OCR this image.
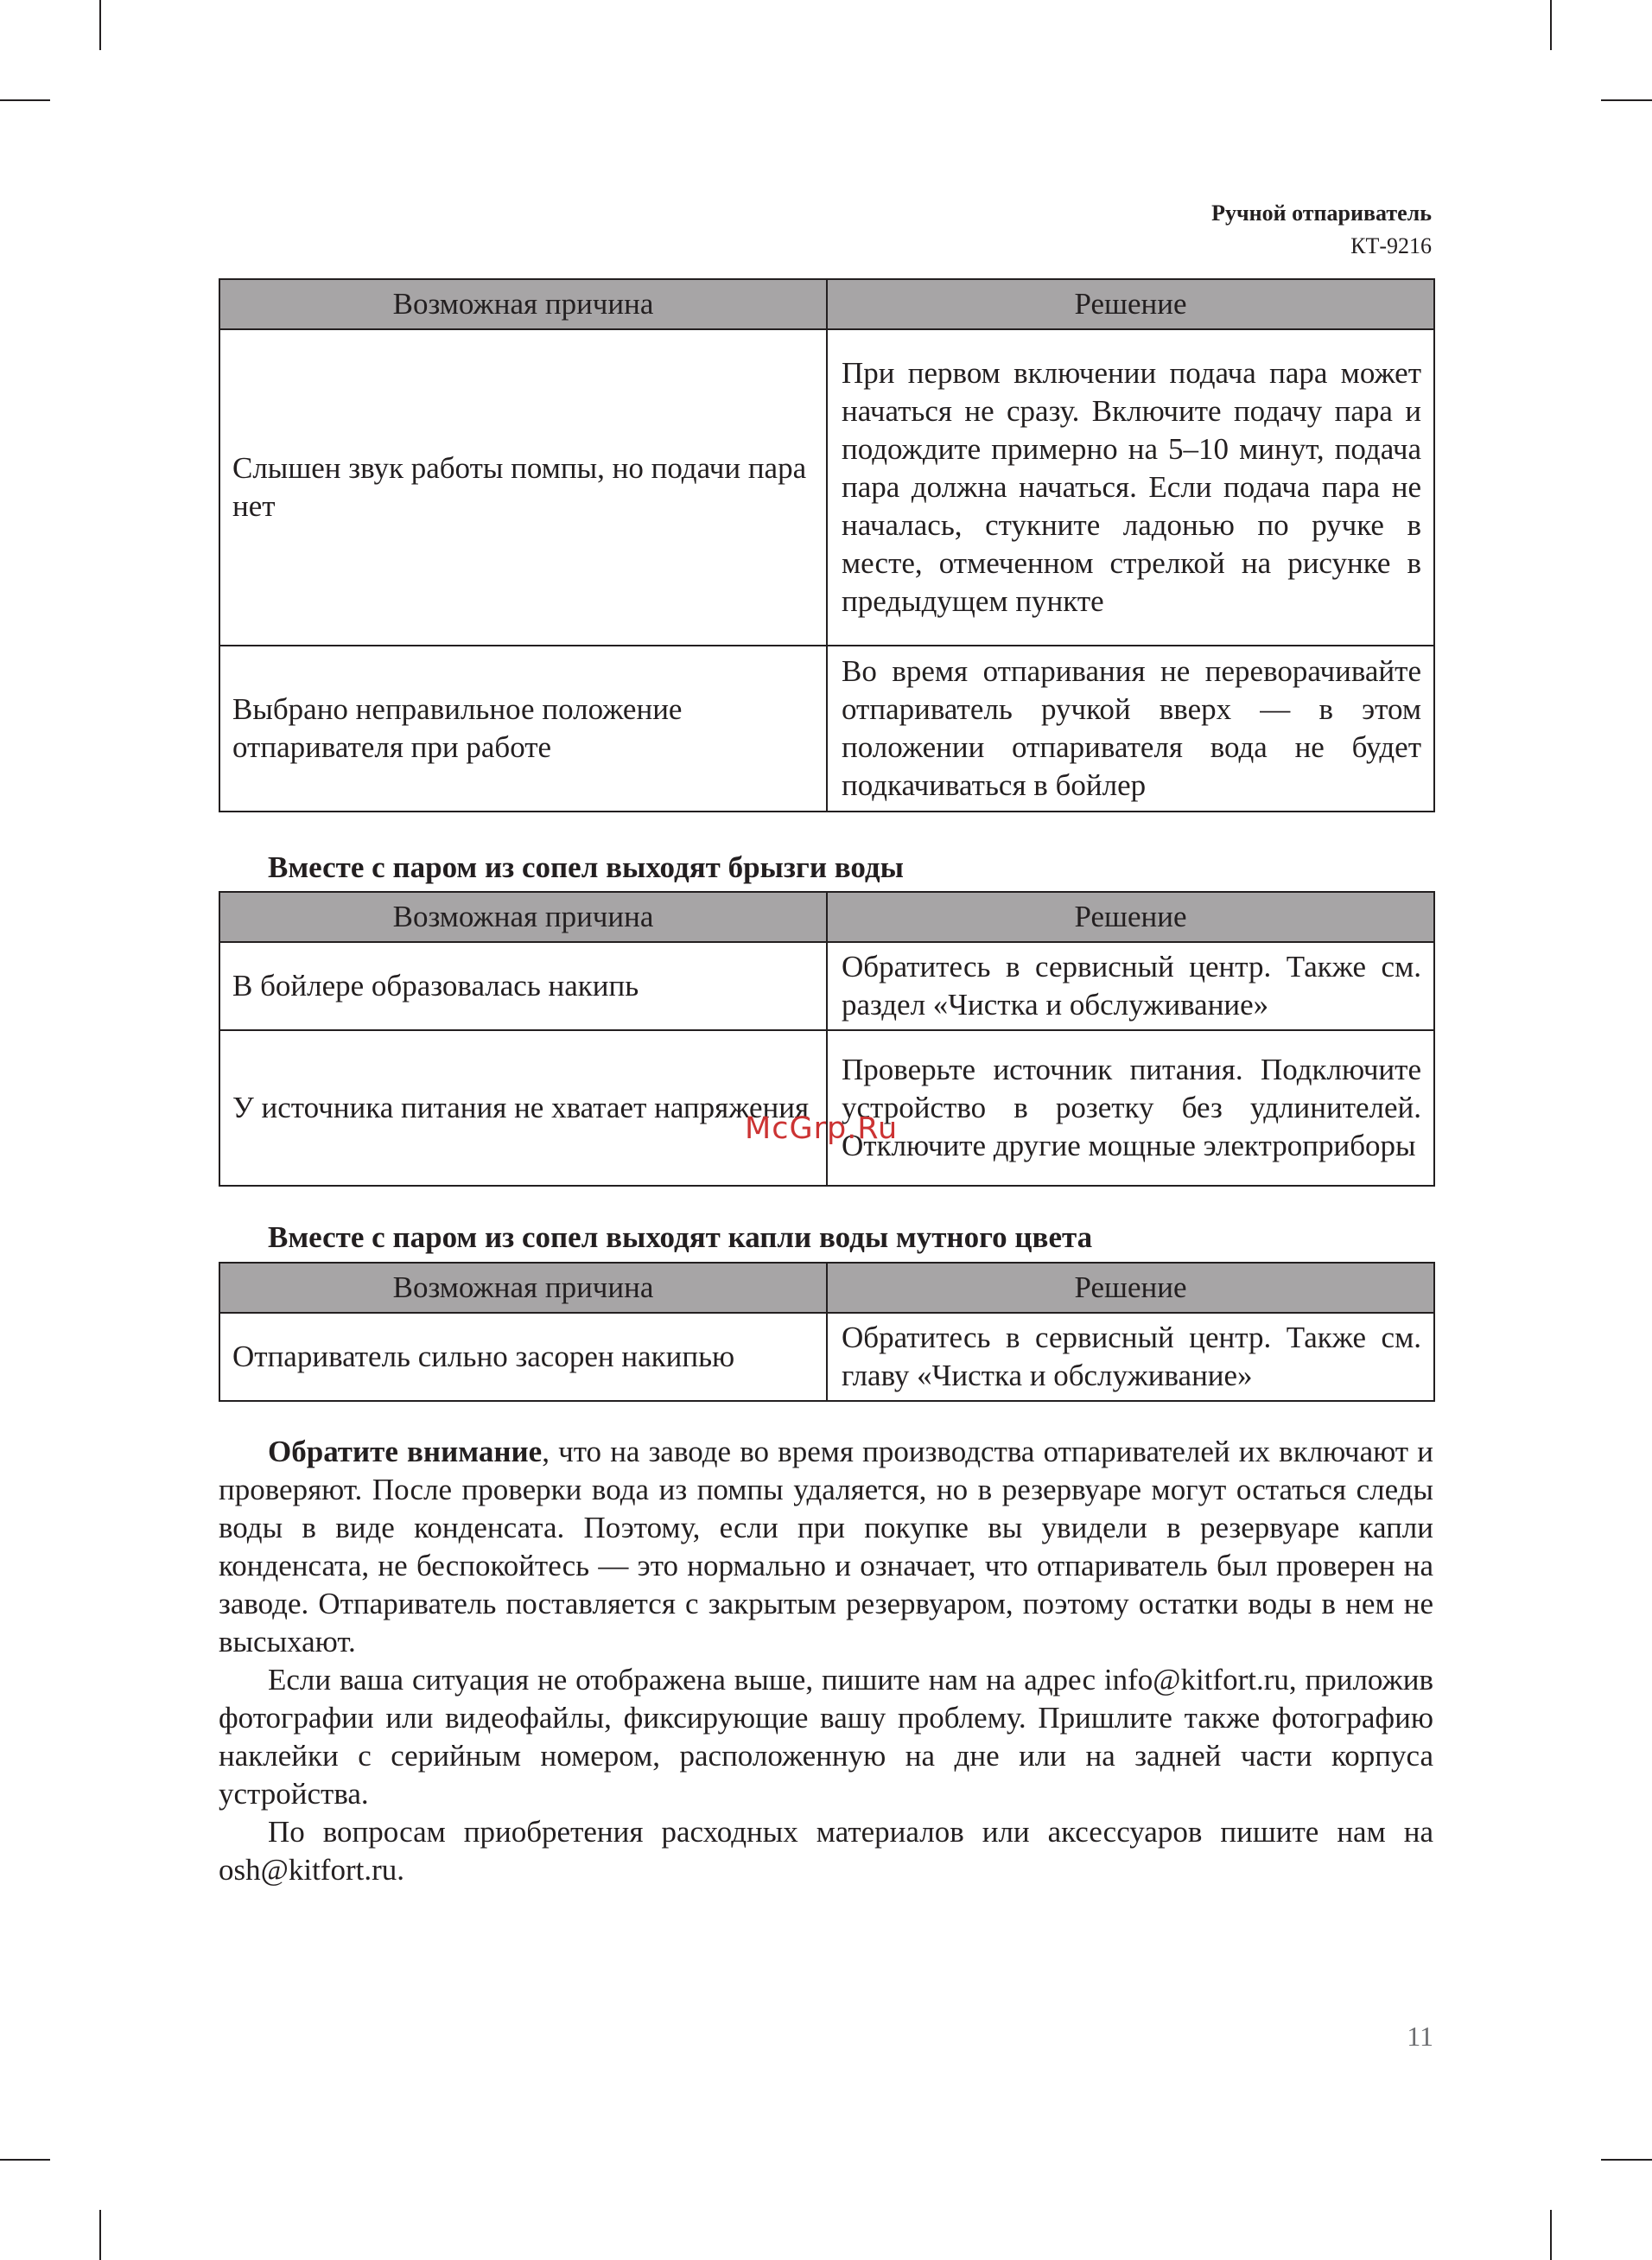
Ручной отпариватель
КТ-9216
Возможная причина	Решение
Слышен звук работы помпы, но подачи пара нет	При первом включении подача пара может начаться не сразу. Включите подачу пара и подождите примерно на 5–10 минут, подача пара должна начаться. Если подача пара не началась, стукните ладонью по ручке в месте, отмеченном стрелкой на рисунке в предыдущем пункте
Выбрано неправильное положение отпаривателя при работе	Во время отпаривания не переворачивайте отпариватель ручкой вверх — в этом положении отпаривателя вода не будет подкачиваться в бойлер
Вместе с паром из сопел выходят брызги воды
Возможная причина	Решение
В бойлере образовалась накипь	Обратитесь в сервисный центр. Также см. раздел «Чистка и обслуживание»
У источника питания не хватает напряжения	Проверьте источник питания. Подключите устройство в розетку без удлинителей. Отключите другие мощные электроприборы
Вместе с паром из сопел выходят капли воды мутного цвета
Возможная причина	Решение
Отпариватель сильно засорен накипью	Обратитесь в сервисный центр. Также см. главу «Чистка и обслуживание»

Обратите внимание, что на заводе во время производства отпаривателей их включают и проверяют. После проверки вода из помпы удаляется, но в резервуаре могут остаться следы воды в виде конденсата. Поэтому, если при покупке вы увидели в резервуаре капли конденсата, не беспокойтесь — это нормально и означает, что отпариватель был проверен на заводе. Отпариватель поставляется с закрытым резервуаром, поэтому остатки воды в нем не высыхают.

Если ваша ситуация не отображена выше, пишите нам на адрес info@kitfort.ru, приложив фотографии или видеофайлы, фиксирующие вашу проблему. Пришлите также фотографию наклейки с серийным номером, расположенную на дне или на задней части корпуса устройства.

По вопросам приобретения расходных материалов или аксессуаров пишите нам на osh@kitfort.ru.

11
McGrp.Ru
